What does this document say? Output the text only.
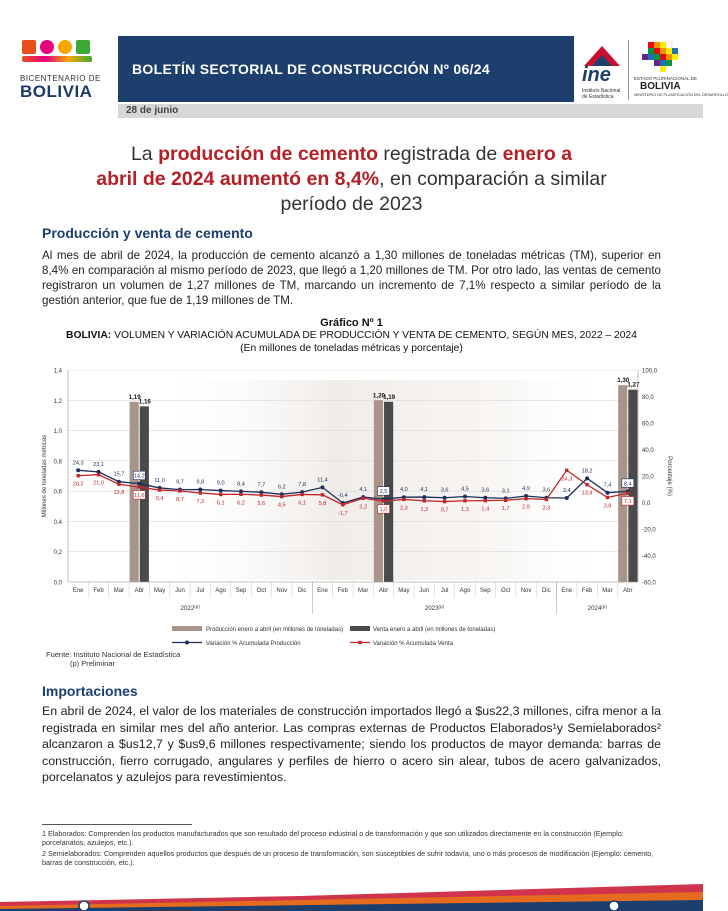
BICENTENARIO DE
BOLIVIA
BOLETÍN SECTORIAL DE CONSTRUCCIÓN Nº 06/24	ine
Instituto Nacional
de Estadística
ESTADO PLURINACIONAL DE
BOLIVIA
MINISTERIO DE PLANIFICACIÓN DEL DESARROLLO
28 de junio
La producción de cemento registrada de enero a
abril de 2024 aumentó en 8,4%, en comparación a similar
período de 2023
Producción y venta de cemento
Al mes de abril de 2024, la producción de cemento alcanzó a 1,30 millones de toneladas métricas (TM), superior en 8,4% en comparación al mismo período de 2023, que llegó a 1,20 millones de TM. Por otro lado, las ventas de cemento registraron un volumen de 1,27 millones de TM, marcando un incremento de 7,1% respecto a similar período de la gestión anterior, que fue de 1,19 millones de TM.
Gráfico Nº 1
BOLIVIA: VOLUMEN Y VARIACIÓN ACUMULADA DE PRODUCCIÓN Y VENTA DE CEMENTO, SEGÚN MES, 2022 – 2024
(En millones de toneladas métricas y porcentaje)
1,19
1,16
1,20
1,19
1,30
1,27
24,3 23,1
15,7 14,2
11,0 9,7 9,8 9,0 8,4 7,7 6,2 7,8
11,4
-0,4
4,1 2,5 4,0 4,1 3,6 4,5 3,6 3,1 4,9 3,6 3,4
18,2
7,4 8,4
20,2 21,0
13,8 11,6 9,4 8,7 7,2 6,1 6,2 5,6 4,5 6,1 5,8
-1,7
3,2 1,0 2,3 1,3 0,7 1,3 1,4 1,7 2,9 2,3
24,3
13,4
3,8
7,1
0,0
0,2
0,4
0,6
0,8
1,0
1,2
1,4
-60,0
-40,0
-20,0
0,0
20,0
40,0
60,0
80,0
100,0
Millones de toneladas métricas	Porcentaje (%)
Ene Feb Mar Abr May Jun Jul Ago Sep Oct Nov Dic Ene Feb Mar Abr May Jun Jul Ago Sep Oct Nov Dic Ene Feb Mar Abr
2022$^{(p)}$	2023$^{(p)}$	2024$^{(p)}$
Producción enero a abril (en millones de toneladas)	Venta enero a abril (en millones de toneladas)
Variación % Acumulada Producción	Variación % Acumulada Venta
Fuente: Instituto Nacional de Estadística
(p) Preliminar
Importaciones
En abril de 2024, el valor de los materiales de construcción importados llegó a $us22,3 millones, cifra menor a la registrada en similar mes del año anterior. Las compras externas de Productos Elaborados¹y Semielaborados² alcanzaron a $us12,7 y $us9,6 millones respectivamente; siendo los productos de mayor demanda: barras de construcción, fierro corrugado, angulares y perfiles de hierro o acero sin alear, tubos de acero galvanizados, porcelanatos y azulejos para revestimientos.
1 Elaborados: Comprenden los productos manufacturados que son resultado del proceso industrial o de transformación y que son utilizados directamente en la construcción (Ejemplo: porcelanatos, azulejos, etc.).
2 Semielaborados: Comprenden aquellos productos que después de un proceso de transformación, son susceptibles de sufrir todavía, uno o más procesos de modificación (Ejemplo: cemento, barras de construcción, etc.).
